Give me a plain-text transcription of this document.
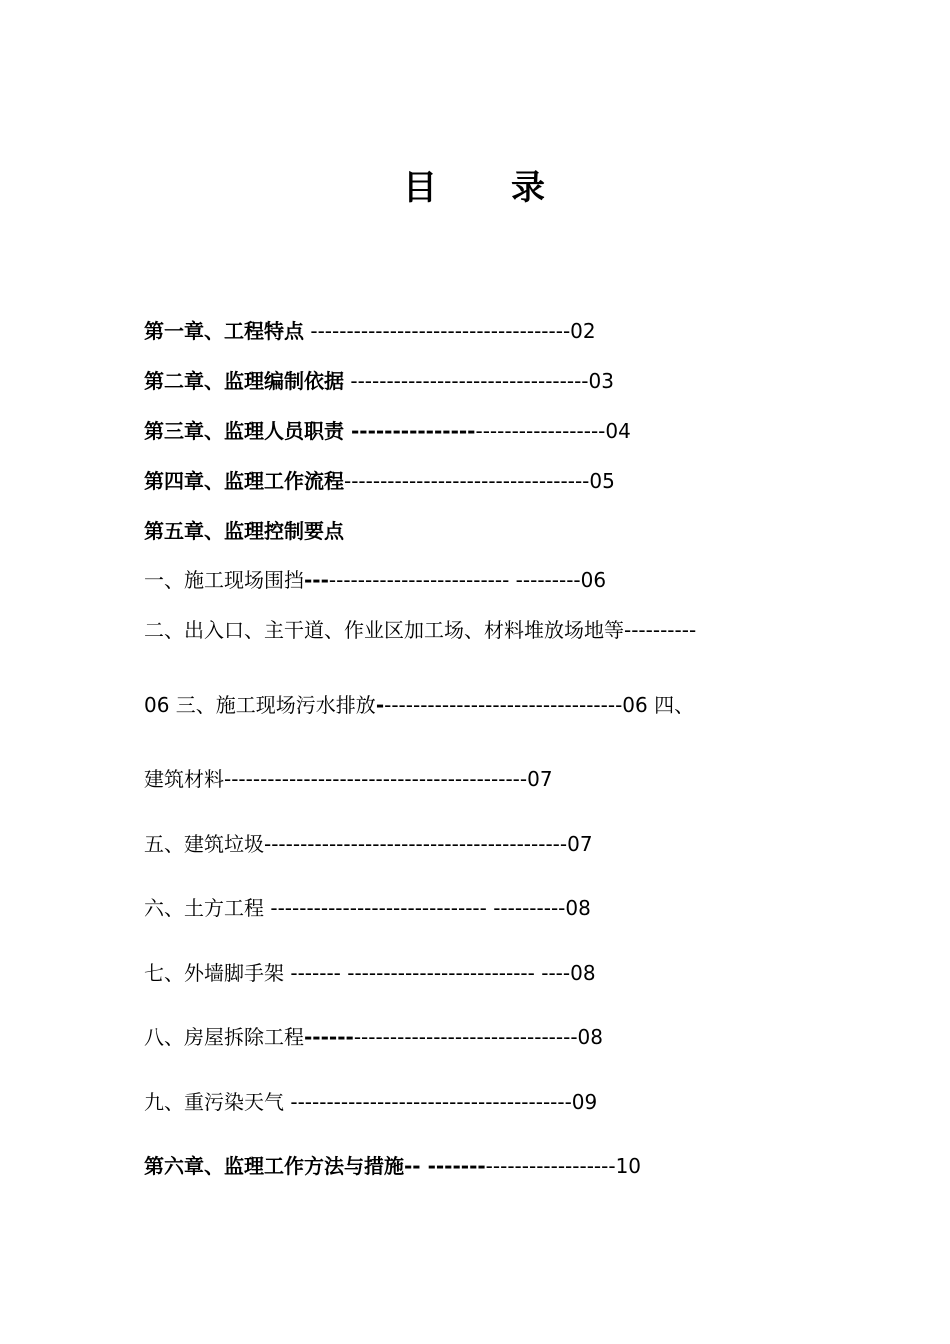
目　　录
第一章、工程特点 ------------------------------------02
第二章、监理编制依据 ---------------------------------03
第三章、监理人员职责 ---------------------------------04
第四章、监理工作流程----------------------------------05
第五章、监理控制要点
一、施工现场围挡---------------------------- ---------06
二、出入口、主干道、作业区加工场、材料堆放场地等----------
06 三、施工现场污水排放----------------------------------06 四、
建筑材料------------------------------------------07
五、建筑垃圾------------------------------------------07
六、土方工程 ------------------------------ ----------08
七、外墙脚手架 ------- -------------------------- ----08
八、房屋拆除工程-------------------------------------08
九、重污染天气 ---------------------------------------09
第六章、监理工作方法与措施-- -------------------------10
